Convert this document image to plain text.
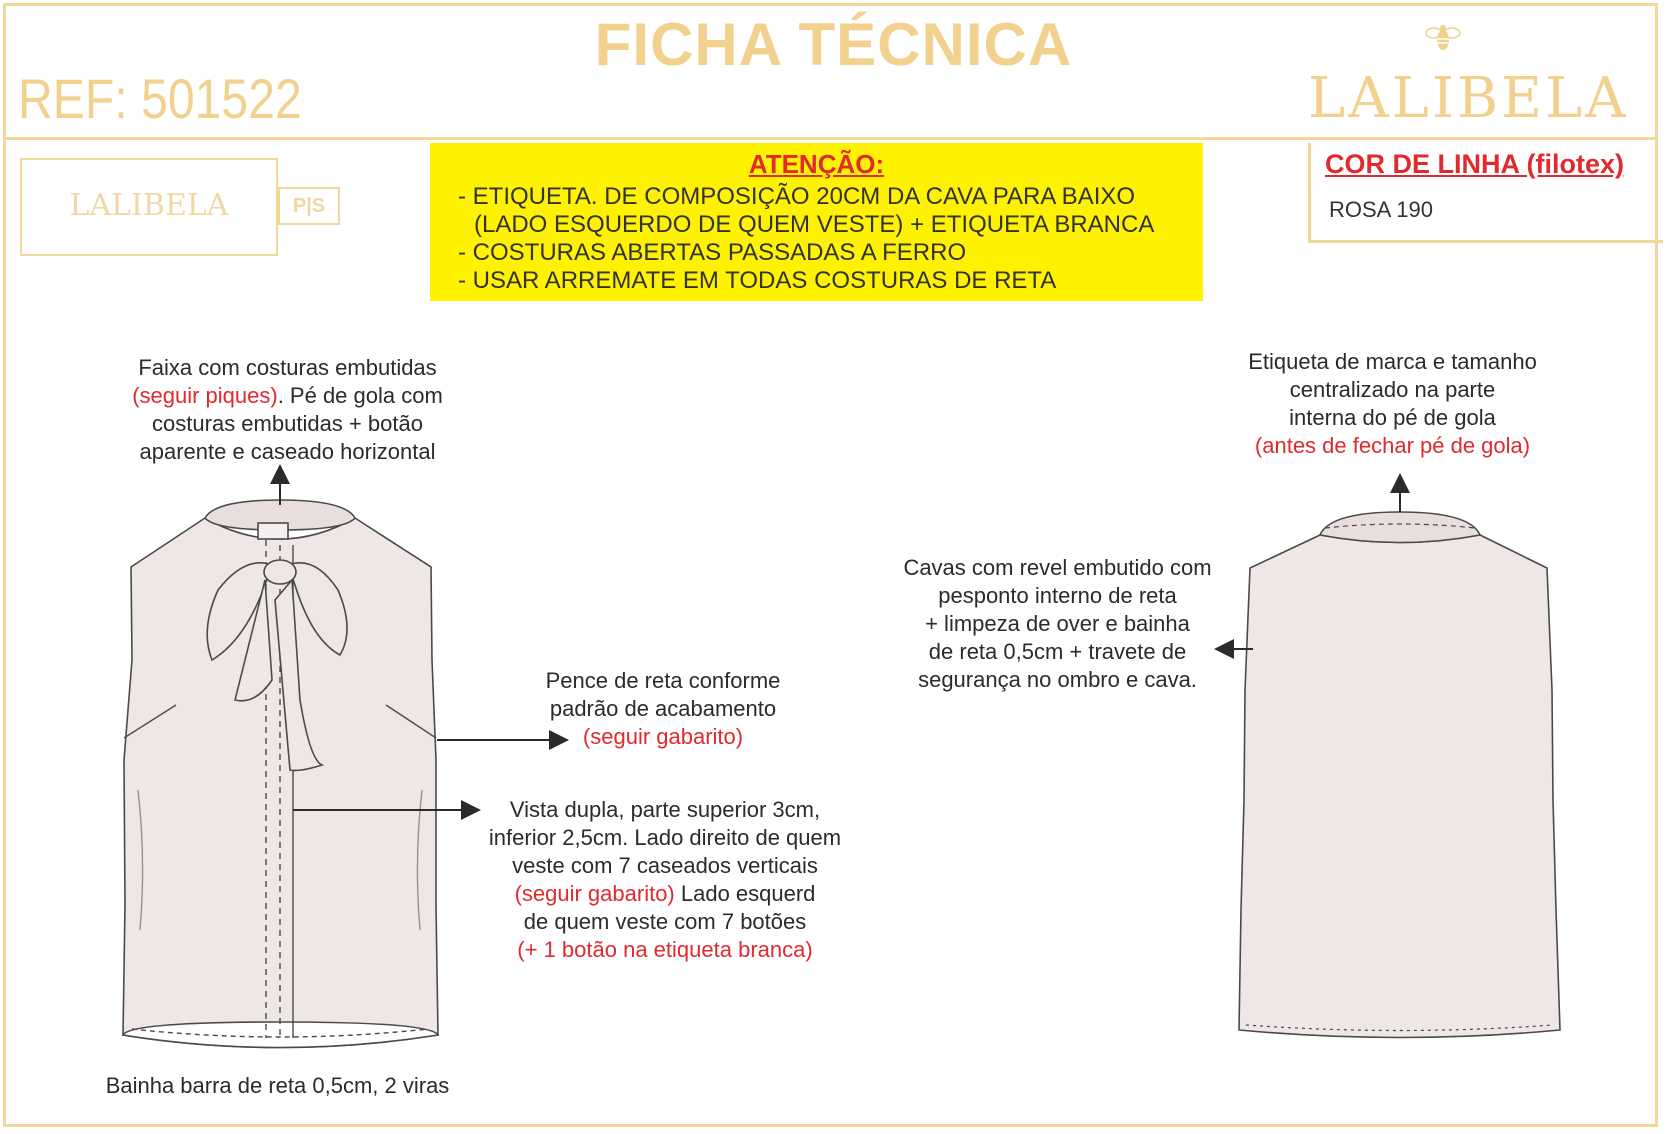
FICHA TÉCNICA
REF: 501522	LALIBELA
LALIBELA	P|S
ATENÇÃO:
- ETIQUETA. DE COMPOSIÇÃO 20CM DA CAVA PARA BAIXO
(LADO ESQUERDO DE QUEM VESTE) + ETIQUETA BRANCA
- COSTURAS ABERTAS PASSADAS A FERRO
- USAR ARREMATE EM TODAS COSTURAS DE RETA
COR DE LINHA (filotex)
ROSA 190
Faixa com costuras embutidas
(seguir piques). Pé de gola com
costuras embutidas + botão
aparente e caseado horizontal
Pence de reta conforme
padrão de acabamento
(seguir gabarito)
Vista dupla, parte superior 3cm,
inferior 2,5cm. Lado direito de quem
veste com 7 caseados verticais
(seguir gabarito) Lado esquerd
de quem veste com 7 botões
(+ 1 botão na etiqueta branca)
Bainha barra de reta 0,5cm, 2 viras
Etiqueta de marca e tamanho
centralizado na parte
interna do pé de gola
(antes de fechar pé de gola)
Cavas com revel embutido com
pesponto interno de reta
+ limpeza de over e bainha
de reta 0,5cm + travete de
segurança no ombro e cava.
